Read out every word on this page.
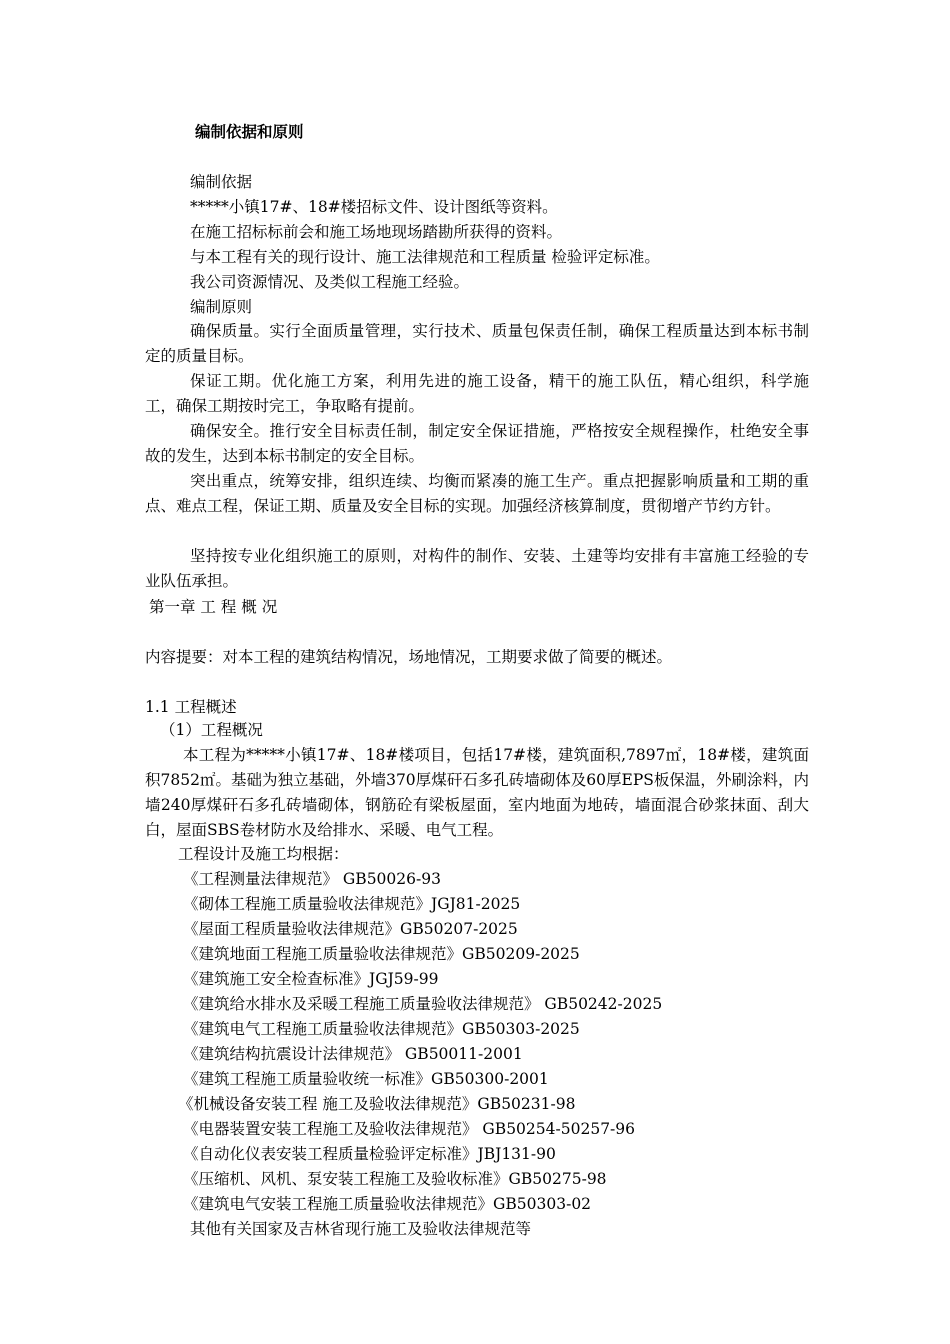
编制依据和原则
编制依据
*****小镇17#、18#楼招标文件、设计图纸等资料。
在施工招标标前会和施工场地现场踏勘所获得的资料。
与本工程有关的现行设计、施工法律规范和工程质量 检验评定标准。
我公司资源情况、及类似工程施工经验。
编制原则
确保质量。实行全面质量管理，实行技术、质量包保责任制，确保工程质量达到本标书制定的质量目标。
保证工期。优化施工方案，利用先进的施工设备，精干的施工队伍，精心组织，科学施工，确保工期按时完工，争取略有提前。
确保安全。推行安全目标责任制，制定安全保证措施，严格按安全规程操作，杜绝安全事故的发生，达到本标书制定的安全目标。
突出重点，统筹安排，组织连续、均衡而紧凑的施工生产。重点把握影响质量和工期的重点、难点工程，保证工期、质量及安全目标的实现。加强经济核算制度，贯彻增产节约方针。
坚持按专业化组织施工的原则，对构件的制作、安装、土建等均安排有丰富施工经验的专业队伍承担。
第一章 工 程 概 况
内容提要：对本工程的建筑结构情况，场地情况，工期要求做了简要的概述。
1.1 工程概述
（1）工程概况
本工程为*****小镇17#、18#楼项目，包括17#楼，建筑面积,7897㎡，18#楼，建筑面积7852㎡。基础为独立基础，外墙370厚煤矸石多孔砖墙砌体及60厚EPS板保温，外刷涂料，内墙240厚煤矸石多孔砖墙砌体，钢筋砼有梁板屋面，室内地面为地砖，墙面混合砂浆抹面、刮大白，屋面SBS卷材防水及给排水、采暖、电气工程。
工程设计及施工均根据：
《工程测量法律规范》 GB50026-93
《砌体工程施工质量验收法律规范》JGJ81-2025
《屋面工程质量验收法律规范》GB50207-2025
《建筑地面工程施工质量验收法律规范》GB50209-2025
《建筑施工安全检查标准》JGJ59-99
《建筑给水排水及采暖工程施工质量验收法律规范》 GB50242-2025
《建筑电气工程施工质量验收法律规范》GB50303-2025
《建筑结构抗震设计法律规范》 GB50011-2001
《建筑工程施工质量验收统一标准》GB50300-2001
《机械设备安装工程 施工及验收法律规范》GB50231-98
《电器装置安装工程施工及验收法律规范》 GB50254-50257-96
《自动化仪表安装工程质量检验评定标准》JBJ131-90
《压缩机、风机、泵安装工程施工及验收标准》GB50275-98
《建筑电气安装工程施工质量验收法律规范》GB50303-02
其他有关国家及吉林省现行施工及验收法律规范等
